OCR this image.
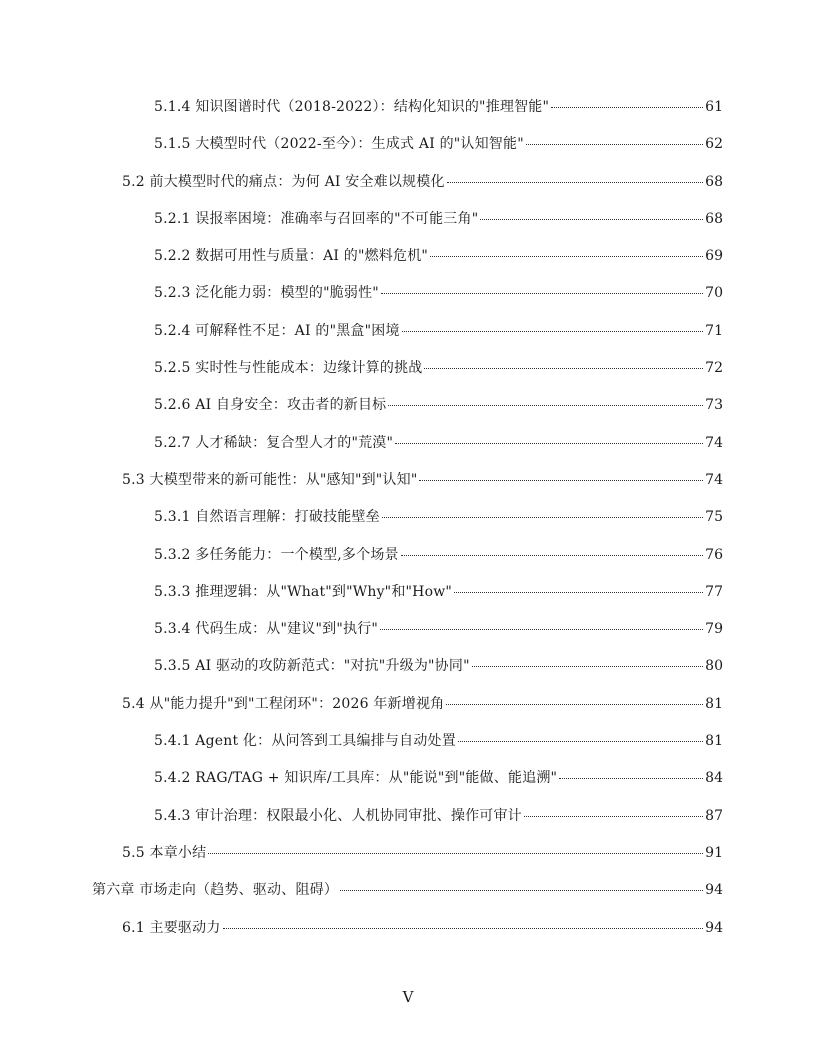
5.1.4 知识图谱时代（2018-2022）：结构化知识的"推理智能"	61
5.1.5 大模型时代（2022-至今）：生成式 AI 的"认知智能"	62
5.2 前大模型时代的痛点：为何 AI 安全难以规模化	68
5.2.1 误报率困境：准确率与召回率的"不可能三角"	68
5.2.2 数据可用性与质量：AI 的"燃料危机"	69
5.2.3 泛化能力弱：模型的"脆弱性"	70
5.2.4 可解释性不足：AI 的"黑盒"困境	71
5.2.5 实时性与性能成本：边缘计算的挑战	72
5.2.6 AI 自身安全：攻击者的新目标	73
5.2.7 人才稀缺：复合型人才的"荒漠"	74
5.3 大模型带来的新可能性：从"感知"到"认知"	74
5.3.1 自然语言理解：打破技能壁垒	75
5.3.2 多任务能力：一个模型,多个场景	76
5.3.3 推理逻辑：从"What"到"Why"和"How"	77
5.3.4 代码生成：从"建议"到"执行"	79
5.3.5 AI 驱动的攻防新范式："对抗"升级为"协同"	80
5.4 从"能力提升"到"工程闭环"：2026 年新增视角	81
5.4.1 Agent 化：从问答到工具编排与自动处置	81
5.4.2 RAG/TAG + 知识库/工具库：从"能说"到"能做、能追溯"	84
5.4.3 审计治理：权限最小化、人机协同审批、操作可审计	87
5.5 本章小结	91
第六章 市场走向（趋势、驱动、阻碍）	94
6.1 主要驱动力	94
V
